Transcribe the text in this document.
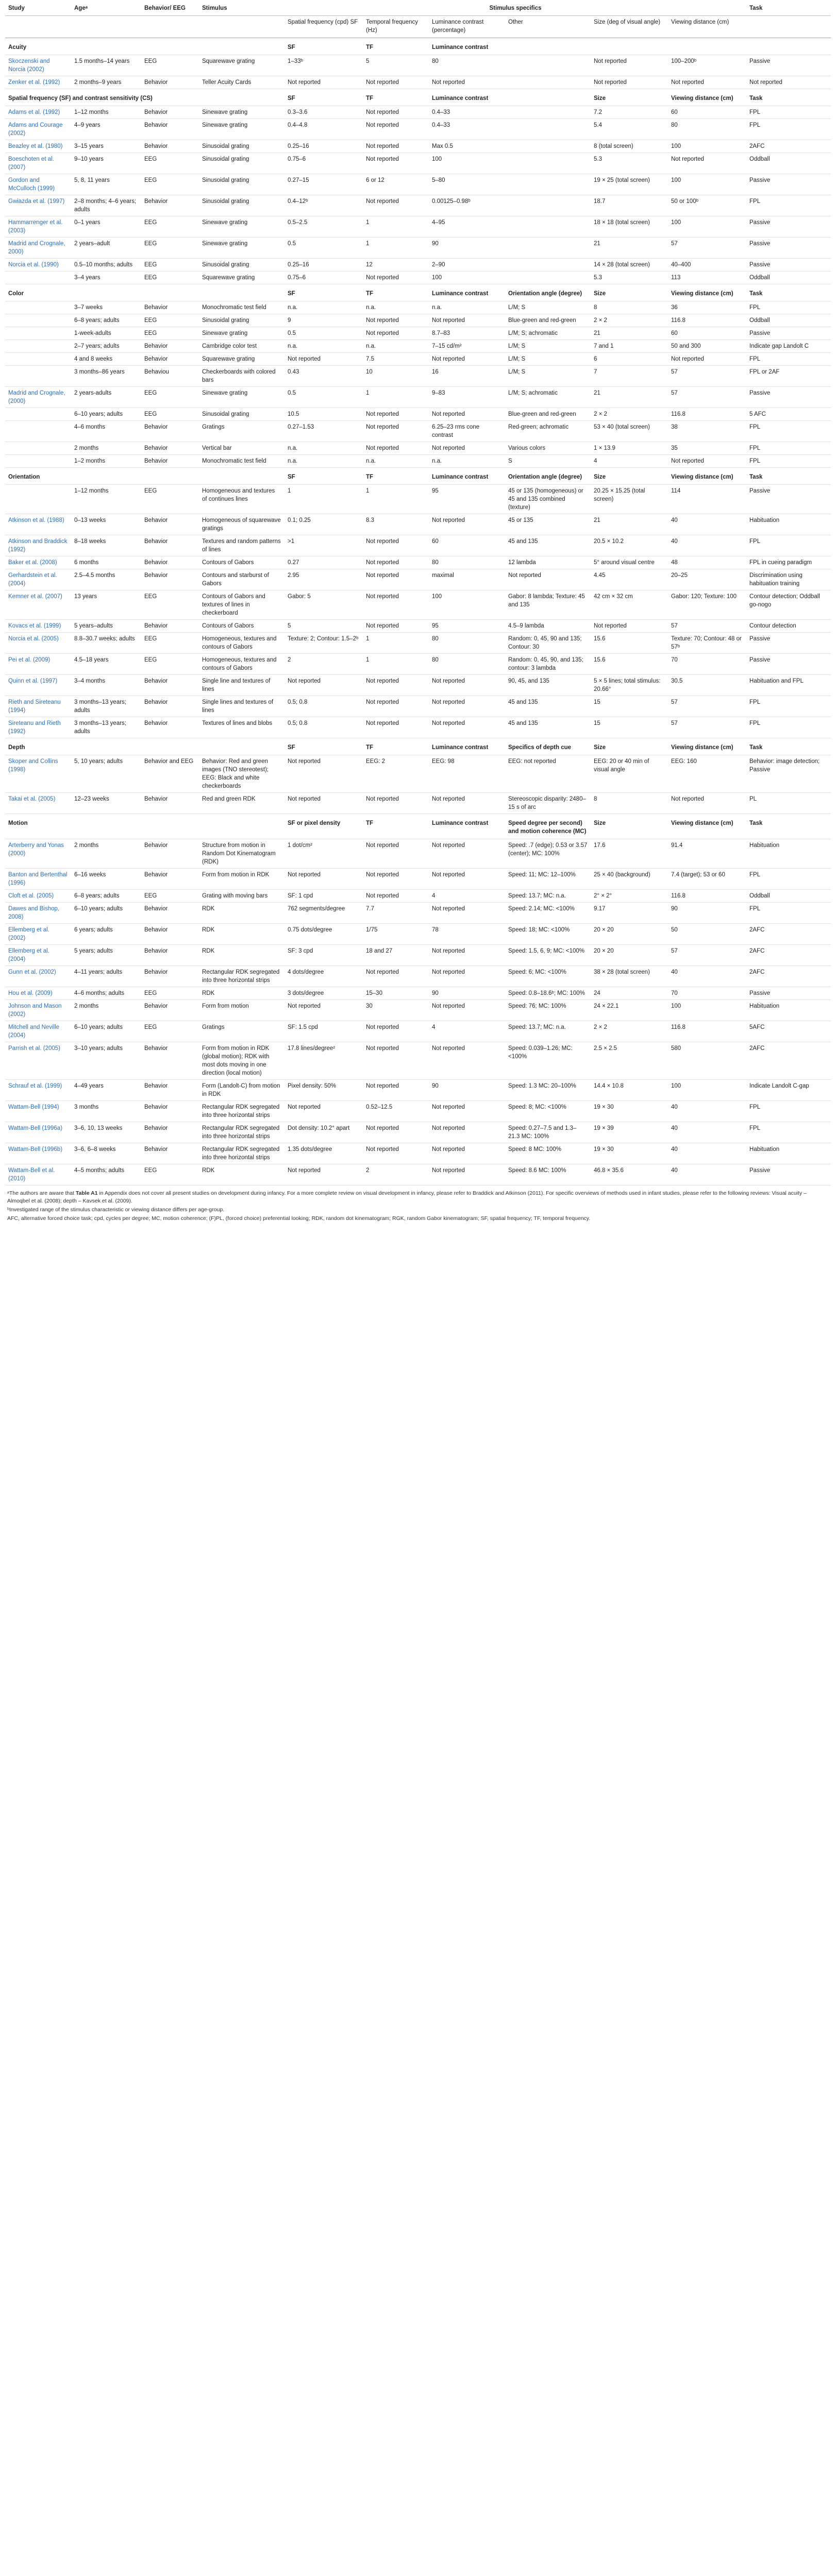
Study	Ageᵃ	Behavior/ EEG	Stimulus	Stimulus specifics						Task
				Spatial frequency (cpd) SF	Temporal frequency (Hz)	Luminance contrast (percentage)	Other	Size (deg of visual angle)	Viewing distance (cm)	
Acuity				SF	TF	Luminance contrast				
Skoczenski and Norcia (2002)	1.5 months–14 years	EEG	Squarewave grating	1–33ᵇ	5	80		Not reported	100–200ᵇ	Passive
Zenker et al. (1992)	2 months–9 years	Behavior	Teller Acuity Cards	Not reported	Not reported	Not reported		Not reported	Not reported	Not reported
Spatial frequency (SF) and contrast sensitivity (CS)				SF	TF	Luminance contrast		Size	Viewing distance (cm)	Task
Adams et al. (1992)	1–12 months	Behavior	Sinewave grating	0.3–3.6	Not reported	0.4–33		7.2	60	FPL
Adams and Courage (2002)	4–9 years	Behavior	Sinewave grating	0.4–4.8	Not reported	0.4–33		5.4	80	FPL
Beazley et al. (1980)	3–15 years	Behavior	Sinusoidal grating	0.25–16	Not reported	Max 0.5		8 (total screen)	100	2AFC
Boeschoten et al. (2007)	9–10 years	EEG	Sinusoidal grating	0.75–6	Not reported	100		5.3	Not reported	Oddball
Gordon and McCulloch (1999)	5, 8, 11 years	EEG	Sinusoidal grating	0.27–15	6 or 12	5–80		19 × 25 (total screen)	100	Passive
Gwiazda et al. (1997)	2–8 months; 4–6 years; adults	Behavior	Sinusoidal grating	0.4–12ᵇ	Not reported	0.00125–0.98ᵇ		18.7	50 or 100ᵇ	FPL
Hammarrenger et al. (2003)	0–1 years	EEG	Sinewave grating	0.5–2.5	1	4–95		18 × 18 (total screen)	100	Passive
Madrid and Crognale, 2000)	2 years–adult	EEG	Sinewave grating	0.5	1	90		21	57	Passive
Norcia et al. (1990)	0.5–10 months; adults	EEG	Sinusoidal grating	0.25–16	12	2–90		14 × 28 (total screen)	40–400	Passive
	3–4 years	EEG	Squarewave grating	0.75–6	Not reported	100		5.3	113	Oddball
Color				SF	TF	Luminance contrast	Orientation angle (degree)	Size	Viewing distance (cm)	Task
	3–7 weeks	Behavior	Monochromatic test field	n.a.	n.a.	n.a.	L/M; S	8	36	FPL
	6–8 years; adults	EEG	Sinusoidal grating	9	Not reported	Not reported	Blue-green and red-green	2 × 2	116.8	Oddball
	1-week-adults	EEG	Sinewave grating	0.5	Not reported	8.7–83	L/M; S; achromatic	21	60	Passive
	2–7 years; adults	Behavior	Cambridge color test	n.a.	n.a.	7–15 cd/m²	L/M; S	7 and 1	50 and 300	Indicate gap Landolt C
	4 and 8 weeks	Behavior	Squarewave grating	Not reported	7.5	Not reported	L/M; S	6	Not reported	FPL
	3 months–86 years	Behaviou	Checkerboards with colored bars	0.43	10	16	L/M; S	7	57	FPL or 2AF
Madrid and Crognale, (2000)	2 years-adults	EEG	Sinewave grating	0.5	1	9–83	L/M; S; achromatic	21	57	Passive
	6–10 years; adults	EEG	Sinusoidal grating	10.5	Not reported	Not reported	Blue-green and red-green	2 × 2	116.8	5 AFC
	4–6 months	Behavior	Gratings	0.27–1.53	Not reported	6.25–23 rms cone contrast	Red-green; achromatic	53 × 40 (total screen)	38	FPL
	2 months	Behavior	Vertical bar	n.a.	Not reported	Not reported	Various colors	1 × 13.9	35	FPL
	1–2 months	Behavior	Monochromatic test field	n.a.	n.a.	n.a.	S	4	Not reported	FPL
Orientation				SF	TF	Luminance contrast	Orientation angle (degree)	Size	Viewing distance (cm)	Task
	1–12 months	EEG	Homogeneous and textures of continues lines	1	1	95	45 or 135 (homogeneous) or 45 and 135 combined (texture)	20.25 × 15.25 (total screen)	114	Passive
Atkinson et al. (1988)	0–13 weeks	Behavior	Homogeneous of squarewave gratings	0.1; 0.25	8.3	Not reported	45 or 135	21	40	Habituation
Atkinson and Braddick (1992)	8–18 weeks	Behavior	Textures and random patterns of lines	>1	Not reported	60	45 and 135	20.5 × 10.2	40	FPL
Baker et al. (2008)	6 months	Behavior	Contours of Gabors	0.27	Not reported	80	12 lambda	5° around visual centre	48	FPL in cueing paradigm
Gerhardstein et al. (2004)	2.5–4.5 months	Behavior	Contours and starburst of Gabors	2.95	Not reported	maximal	Not reported	4.45	20–25	Discrimination using habituation training
Kemner et al. (2007)	13 years	EEG	Contours of Gabors and textures of lines in checkerboard	Gabor: 5	Not reported	100	Gabor: 8 lambda; Texture: 45 and 135	42 cm × 32 cm	Gabor: 120; Texture: 100	Contour detection; Oddball go-nogo
Kovacs et al. (1999)	5 years–adults	Behavior	Contours of Gabors	5	Not reported	95	4.5–9 lambda	Not reported	57	Contour detection
Norcia et al. (2005)	8.8–30.7 weeks; adults	EEG	Homogeneous, textures and contours of Gabors	Texture: 2; Contour: 1.5–2ᵇ	1	80	Random: 0, 45, 90 and 135; Contour: 30	15.6	Texture: 70; Contour: 48 or 57ᵇ	Passive
Pei et al. (2009)	4.5–18 years	EEG	Homogeneous, textures and contours of Gabors	2	1	80	Random: 0, 45, 90, and 135; contour: 3 lambda	15.6	70	Passive
Quinn et al. (1997)	3–4 months	Behavior	Single line and textures of lines	Not reported	Not reported	Not reported	90, 45, and 135	5 × 5 lines; total stimulus: 20.66°	30.5	Habituation and FPL
Rieth and Sireteanu (1994)	3 months–13 years; adults	Behavior	Single lines and textures of lines	0.5; 0.8	Not reported	Not reported	45 and 135	15	57	FPL
Sireteanu and Rieth (1992)	3 months–13 years; adults	Behavior	Textures of lines and blobs	0.5; 0.8	Not reported	Not reported	45 and 135	15	57	FPL
Depth				SF	TF	Luminance contrast	Specifics of depth cue	Size	Viewing distance (cm)	Task
Skoper and Collins (1998)	5, 10 years; adults	Behavior and EEG	Behavior: Red and green images (TNO stereotest); EEG: Black and white checkerboards	Not reported	EEG: 2	EEG: 98	EEG: not reported	EEG: 20 or 40 min of visual angle	EEG: 160	Behavior: image detection; Passive
Takai et al. (2005)	12–23 weeks	Behavior	Red and green RDK	Not reported	Not reported	Not reported	Stereoscopic disparity: 2480–15 s of arc	8	Not reported	PL
Motion				SF or pixel density	TF	Luminance contrast	Speed degree per second) and motion coherence (MC)	Size	Viewing distance (cm)	Task
Arterberry and Yonas (2000)	2 months	Behavior	Structure from motion in Random Dot Kinematogram (RDK)	1 dot/cm²	Not reported	Not reported	Speed: .7 (edge); 0.53 or 3.57 (center); MC: 100%	17.6	91.4	Habituation
Banton and Bertenthal (1996)	6–16 weeks	Behavior	Form from motion in RDK	Not reported	Not reported	Not reported	Speed: 11; MC: 12–100%	25 × 40 (background)	7.4 (target); 53 or 60	FPL
Cloft et al. (2005)	6–8 years; adults	EEG	Grating with moving bars	SF: 1 cpd	Not reported	4	Speed: 13.7; MC: n.a.	2° × 2°	116.8	Oddball
Dawes and Bishop, 2008)	6–10 years; adults	Behavior	RDK	762 segments/degree	7.7	Not reported	Speed: 2.14; MC: <100%	9.17	90	FPL
Ellemberg et al. (2002)	6 years; adults	Behavior	RDK	0.75 dots/degree	1/75	78	Speed: 18; MC: <100%	20 × 20	50	2AFC
Ellemberg et al. (2004)	5 years; adults	Behavior	RDK	SF: 3 cpd	18 and 27	Not reported	Speed: 1.5, 6, 9; MC: <100%	20 × 20	57	2AFC
Gunn et al. (2002)	4–11 years; adults	Behavior	Rectangular RDK segregated into three horizontal strips	4 dots/degree	Not reported	Not reported	Speed: 6; MC: <100%	38 × 28 (total screen)	40	2AFC
Hou et al. (2009)	4–6 months; adults	EEG	RDK	3 dots/degree	15–30	90	Speed: 0.8–18.6ᵇ; MC: 100%	24	70	Passive
Johnson and Mason (2002)	2 months	Behavior	Form from motion	Not reported	30	Not reported	Speed: 76; MC: 100%	24 × 22.1	100	Habituation
Mitchell and Neville (2004)	6–10 years; adults	EEG	Gratings	SF: 1.5 cpd	Not reported	4	Speed: 13.7; MC: n.a.	2 × 2	116.8	5AFC
Parrish et al. (2005)	3–10 years; adults	Behavior	Form from motion in RDK (global motion); RDK with most dots moving in one direction (local motion)	17.8 lines/degree²	Not reported	Not reported	Speed: 0.039–1.26; MC: <100%	2.5 × 2.5	580	2AFC
Schrauf et al. (1999)	4–49 years	Behavior	Form (Landolt-C) from motion in RDK	Pixel density: 50%	Not reported	90	Speed: 1.3 MC: 20–100%	14.4 × 10.8	100	Indicate Landolt C-gap
Wattam-Bell (1994)	3 months	Behavior	Rectangular RDK segregated into three horizontal strips	Not reported	0.52–12.5	Not reported	Speed: 8; MC: <100%	19 × 30	40	FPL
Wattam-Bell (1996a)	3–6, 10, 13 weeks	Behavior	Rectangular RDK segregated into three horizontal strips	Dot density: 10.2° apart	Not reported	Not reported	Speed: 0.27–7.5 and 1.3–21.3 MC: 100%	19 × 39	40	FPL
Wattam-Bell (1996b)	3–6, 6–8 weeks	Behavior	Rectangular RDK segregated into three horizontal strips	1.35 dots/degree	Not reported	Not reported	Speed: 8 MC: 100%	19 × 30	40	Habituation
Wattam-Bell et al. (2010)	4–5 months; adults	EEG	RDK	Not reported	2	Not reported	Speed: 8.6 MC: 100%	46.8 × 35.6	40	Passive

ᵃThe authors are aware that Table A1 in Appendix does not cover all present studies on development during infancy. For a more complete review on visual development in infancy, please refer to Braddick and Atkinson (2011). For specific overviews of methods used in infant studies, please refer to the following reviews: Visual acuity – Almoqbel et al. (2008); depth – Kavsek et al. (2009).

ᵇInvestigated range of the stimulus characteristic or viewing distance differs per age-group.

AFC, alternative forced choice task; cpd, cycles per degree; MC, motion coherence; (F)PL, (forced choice) preferential looking; RDK, random dot kinematogram; RGK, random Gabor kinematogram; SF, spatial frequency; TF, temporal frequency.
